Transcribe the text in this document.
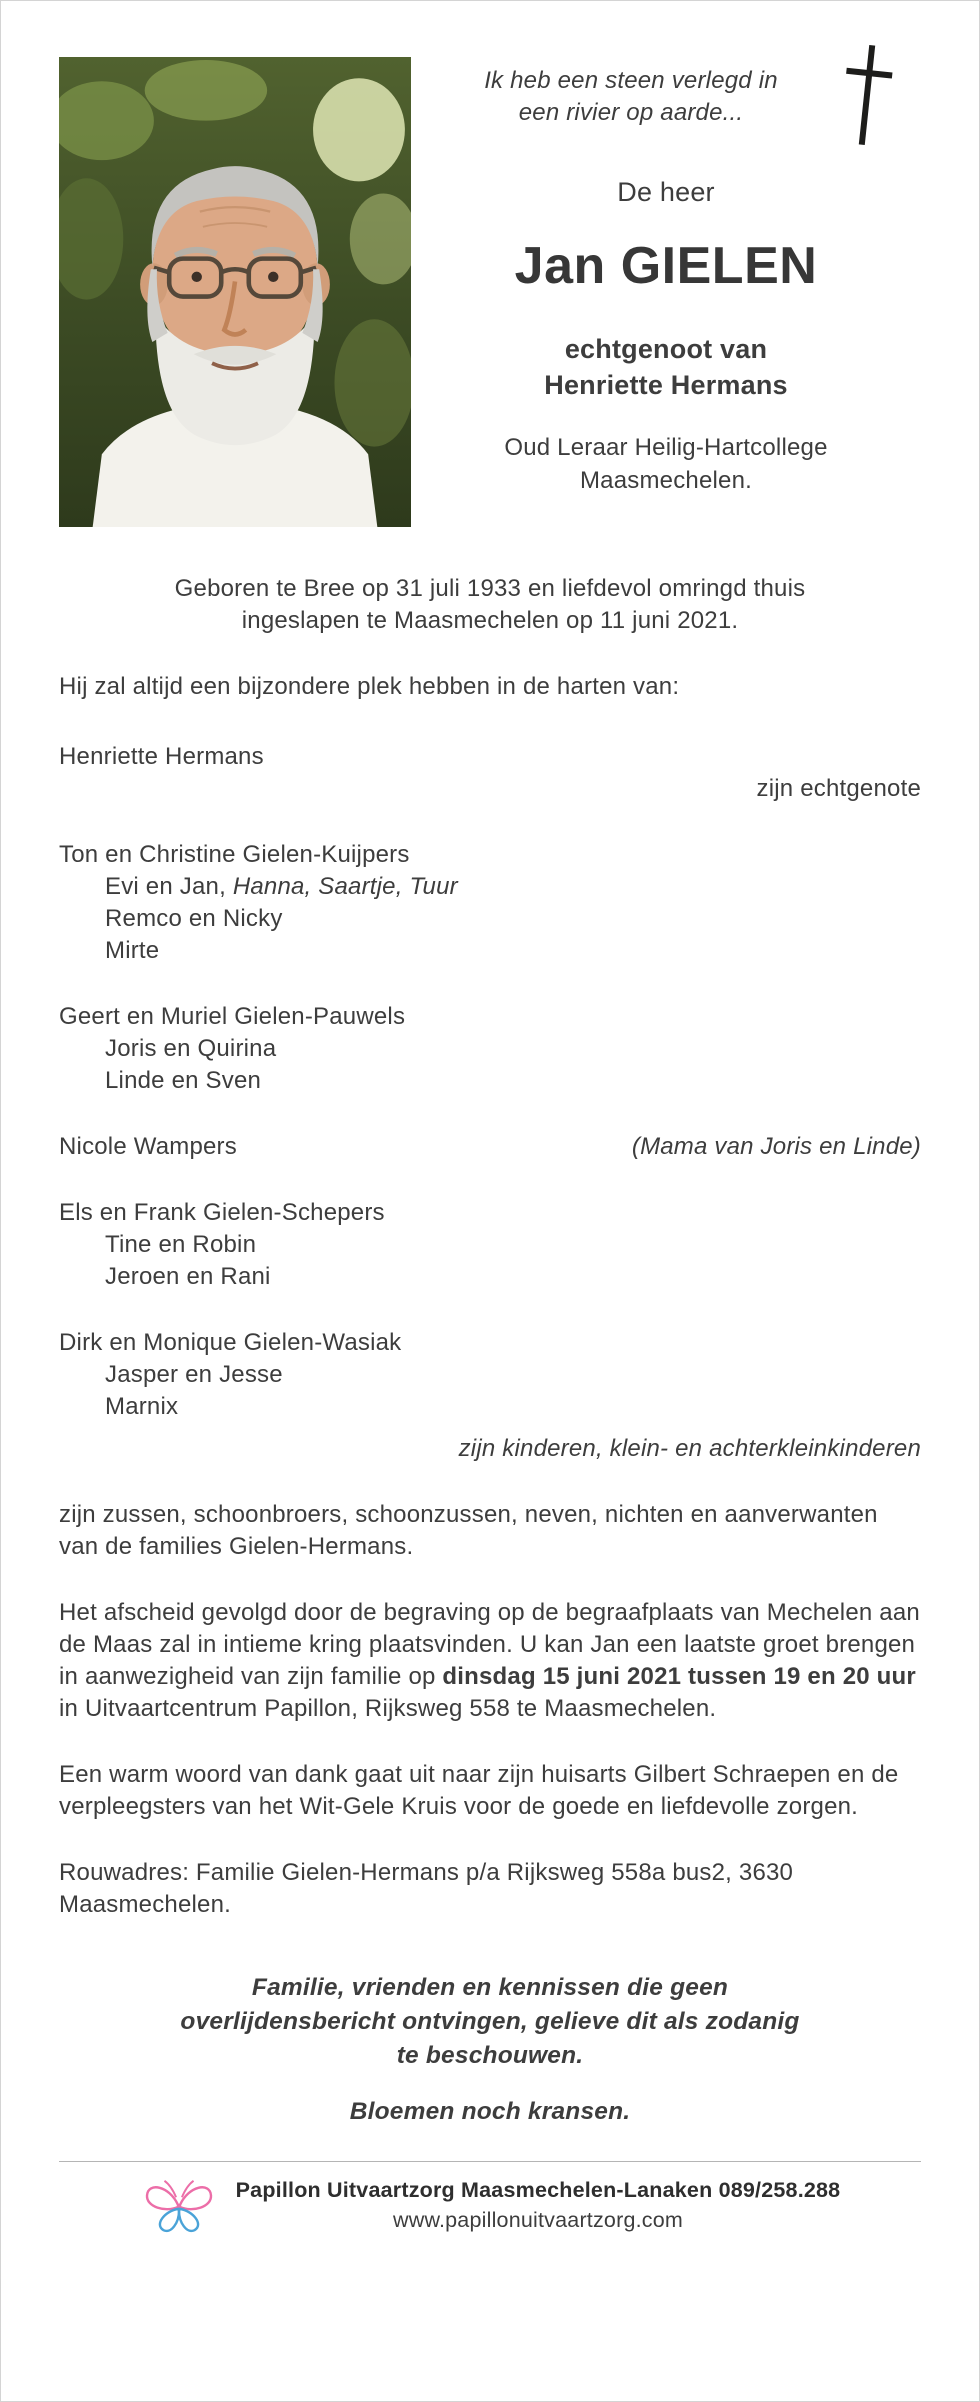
Ik heb een steen verlegd in
een rivier op aarde...
De heer
Jan GIELEN
echtgenoot van
Henriette Hermans
Oud Leraar Heilig-Hartcollege
Maasmechelen.
Geboren te Bree op 31 juli 1933 en liefdevol omringd thuis
ingeslapen te Maasmechelen op 11 juni 2021.

Hij zal altijd een bijzondere plek hebben in de harten van:

Henriette Hermans
zijn echtgenote
Ton en Christine Gielen-Kuijpers
Evi en Jan, Hanna, Saartje, Tuur
Remco en Nicky
Mirte
Geert en Muriel Gielen-Pauwels
Joris en Quirina
Linde en Sven
Nicole Wampers	(Mama van Joris en Linde)
Els en Frank Gielen-Schepers
Tine en Robin
Jeroen en Rani
Dirk en Monique Gielen-Wasiak
Jasper en Jesse
Marnix
zijn kinderen, klein- en achterkleinkinderen

zijn zussen, schoonbroers, schoonzussen, neven, nichten en aanverwanten van de families Gielen-Hermans.

Het afscheid gevolgd door de begraving op de begraafplaats van Mechelen aan de Maas zal in intieme kring plaatsvinden. U kan Jan een laatste groet brengen in aanwezigheid van zijn familie op dinsdag 15 juni 2021 tussen 19 en 20 uur in Uitvaartcentrum Papillon, Rijksweg 558 te Maasmechelen.

Een warm woord van dank gaat uit naar zijn huisarts Gilbert Schraepen en de verpleegsters van het Wit-Gele Kruis voor de goede en liefdevolle zorgen.

Rouwadres: Familie Gielen-Hermans p/a Rijksweg 558a bus2, 3630 Maasmechelen.

Familie, vrienden en kennissen die geen
overlijdensbericht ontvingen, gelieve dit als zodanig
te beschouwen.

Bloemen noch kransen.

Papillon Uitvaartzorg Maasmechelen-Lanaken 089/258.288
www.papillonuitvaartzorg.com
